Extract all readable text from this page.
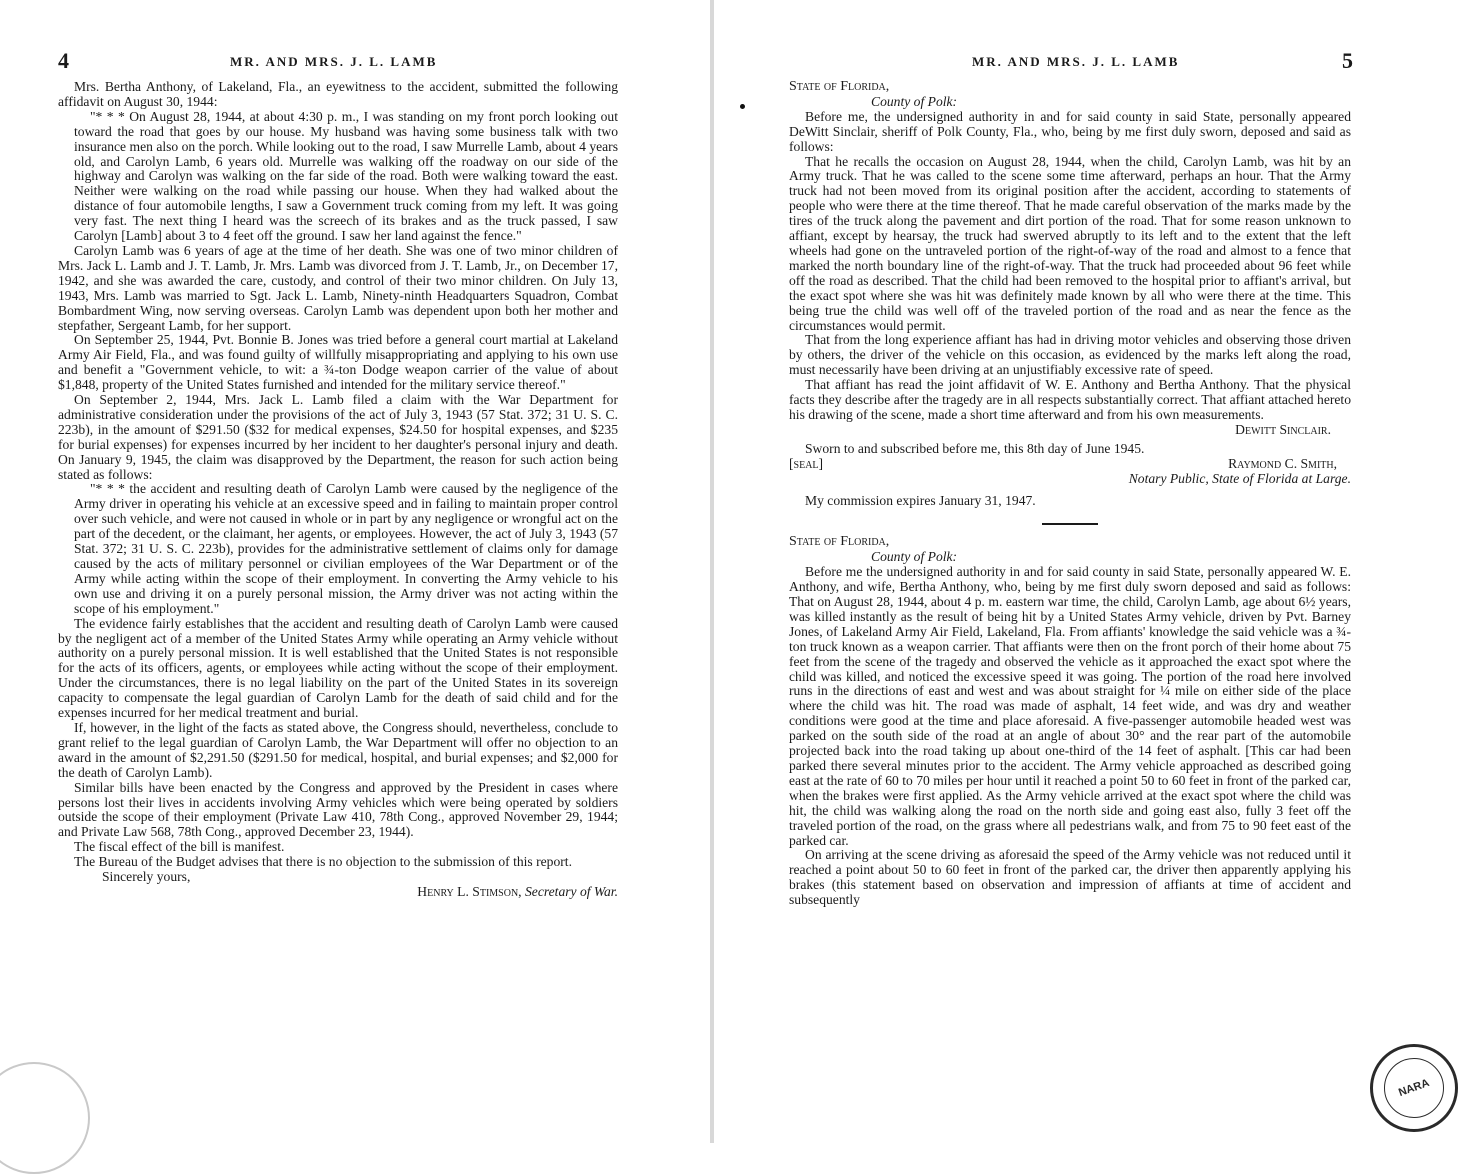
4	MR. AND MRS. J. L. LAMB

Mrs. Bertha Anthony, of Lakeland, Fla., an eyewitness to the accident, submitted the following affidavit on August 30, 1944:

"* * * On August 28, 1944, at about 4:30 p. m., I was standing on my front porch looking out toward the road that goes by our house. My husband was having some business talk with two insurance men also on the porch. While looking out to the road, I saw Murrelle Lamb, about 4 years old, and Carolyn Lamb, 6 years old. Murrelle was walking off the roadway on our side of the highway and Carolyn was walking on the far side of the road. Both were walking toward the east. Neither were walking on the road while passing our house. When they had walked about the distance of four automobile lengths, I saw a Government truck coming from my left. It was going very fast. The next thing I heard was the screech of its brakes and as the truck passed, I saw Carolyn [Lamb] about 3 to 4 feet off the ground. I saw her land against the fence."

Carolyn Lamb was 6 years of age at the time of her death. She was one of two minor children of Mrs. Jack L. Lamb and J. T. Lamb, Jr. Mrs. Lamb was divorced from J. T. Lamb, Jr., on December 17, 1942, and she was awarded the care, custody, and control of their two minor children. On July 13, 1943, Mrs. Lamb was married to Sgt. Jack L. Lamb, Ninety-ninth Headquarters Squadron, Combat Bombardment Wing, now serving overseas. Carolyn Lamb was dependent upon both her mother and stepfather, Sergeant Lamb, for her support.

On September 25, 1944, Pvt. Bonnie B. Jones was tried before a general court martial at Lakeland Army Air Field, Fla., and was found guilty of willfully misappropriating and applying to his own use and benefit a "Government vehicle, to wit: a ¾-ton Dodge weapon carrier of the value of about $1,848, property of the United States furnished and intended for the military service thereof."

On September 2, 1944, Mrs. Jack L. Lamb filed a claim with the War Department for administrative consideration under the provisions of the act of July 3, 1943 (57 Stat. 372; 31 U. S. C. 223b), in the amount of $291.50 ($32 for medical expenses, $24.50 for hospital expenses, and $235 for burial expenses) for expenses incurred by her incident to her daughter's personal injury and death. On January 9, 1945, the claim was disapproved by the Department, the reason for such action being stated as follows:

"* * * the accident and resulting death of Carolyn Lamb were caused by the negligence of the Army driver in operating his vehicle at an excessive speed and in failing to maintain proper control over such vehicle, and were not caused in whole or in part by any negligence or wrongful act on the part of the decedent, or the claimant, her agents, or employees. However, the act of July 3, 1943 (57 Stat. 372; 31 U. S. C. 223b), provides for the administrative settlement of claims only for damage caused by the acts of military personnel or civilian employees of the War Department or of the Army while acting within the scope of their employment. In converting the Army vehicle to his own use and driving it on a purely personal mission, the Army driver was not acting within the scope of his employment."

The evidence fairly establishes that the accident and resulting death of Carolyn Lamb were caused by the negligent act of a member of the United States Army while operating an Army vehicle without authority on a purely personal mission. It is well established that the United States is not responsible for the acts of its officers, agents, or employees while acting without the scope of their employment. Under the circumstances, there is no legal liability on the part of the United States in its sovereign capacity to compensate the legal guardian of Carolyn Lamb for the death of said child and for the expenses incurred for her medical treatment and burial.

If, however, in the light of the facts as stated above, the Congress should, nevertheless, conclude to grant relief to the legal guardian of Carolyn Lamb, the War Department will offer no objection to an award in the amount of $2,291.50 ($291.50 for medical, hospital, and burial expenses; and $2,000 for the death of Carolyn Lamb).

Similar bills have been enacted by the Congress and approved by the President in cases where persons lost their lives in accidents involving Army vehicles which were being operated by soldiers outside the scope of their employment (Private Law 410, 78th Cong., approved November 29, 1944; and Private Law 568, 78th Cong., approved December 23, 1944).

The fiscal effect of the bill is manifest.

The Bureau of the Budget advises that there is no objection to the submission of this report.

Sincerely yours,

Henry L. Stimson, Secretary of War.

MR. AND MRS. J. L. LAMB	5

State of Florida,

County of Polk:

Before me, the undersigned authority in and for said county in said State, personally appeared DeWitt Sinclair, sheriff of Polk County, Fla., who, being by me first duly sworn, deposed and said as follows:

That he recalls the occasion on August 28, 1944, when the child, Carolyn Lamb, was hit by an Army truck. That he was called to the scene some time afterward, perhaps an hour. That the Army truck had not been moved from its original position after the accident, according to statements of people who were there at the time thereof. That he made careful observation of the marks made by the tires of the truck along the pavement and dirt portion of the road. That for some reason unknown to affiant, except by hearsay, the truck had swerved abruptly to its left and to the extent that the left wheels had gone on the untraveled portion of the right-of-way of the road and almost to a fence that marked the north boundary line of the right-of-way. That the truck had proceeded about 96 feet while off the road as described. That the child had been removed to the hospital prior to affiant's arrival, but the exact spot where she was hit was definitely made known by all who were there at the time. This being true the child was well off of the traveled portion of the road and as near the fence as the circumstances would permit.

That from the long experience affiant has had in driving motor vehicles and observing those driven by others, the driver of the vehicle on this occasion, as evidenced by the marks left along the road, must necessarily have been driving at an unjustifiably excessive rate of speed.

That affiant has read the joint affidavit of W. E. Anthony and Bertha Anthony. That the physical facts they describe after the tragedy are in all respects substantially correct. That affiant attached hereto his drawing of the scene, made a short time afterward and from his own measurements.

Dewitt Sinclair.

Sworn to and subscribed before me, this 8th day of June 1945.

[seal]	Raymond C. Smith,

Notary Public, State of Florida at Large.

My commission expires January 31, 1947.

State of Florida,

County of Polk:

Before me the undersigned authority in and for said county in said State, personally appeared W. E. Anthony, and wife, Bertha Anthony, who, being by me first duly sworn deposed and said as follows: That on August 28, 1944, about 4 p. m. eastern war time, the child, Carolyn Lamb, age about 6½ years, was killed instantly as the result of being hit by a United States Army vehicle, driven by Pvt. Barney Jones, of Lakeland Army Air Field, Lakeland, Fla. From affiants' knowledge the said vehicle was a ¾-ton truck known as a weapon carrier. That affiants were then on the front porch of their home about 75 feet from the scene of the tragedy and observed the vehicle as it approached the exact spot where the child was killed, and noticed the excessive speed it was going. The portion of the road here involved runs in the directions of east and west and was about straight for ¼ mile on either side of the place where the child was hit. The road was made of asphalt, 14 feet wide, and was dry and weather conditions were good at the time and place aforesaid. A five-passenger automobile headed west was parked on the south side of the road at an angle of about 30° and the rear part of the automobile projected back into the road taking up about one-third of the 14 feet of asphalt. [This car had been parked there several minutes prior to the accident. The Army vehicle approached as described going east at the rate of 60 to 70 miles per hour until it reached a point 50 to 60 feet in front of the parked car, when the brakes were first applied. As the Army vehicle arrived at the exact spot where the child was hit, the child was walking along the road on the north side and going east also, fully 3 feet off the traveled portion of the road, on the grass where all pedestrians walk, and from 75 to 90 feet east of the parked car.

On arriving at the scene driving as aforesaid the speed of the Army vehicle was not reduced until it reached a point about 50 to 60 feet in front of the parked car, the driver then apparently applying his brakes (this statement based on observation and impression of affiants at time of accident and subsequently

NARA
